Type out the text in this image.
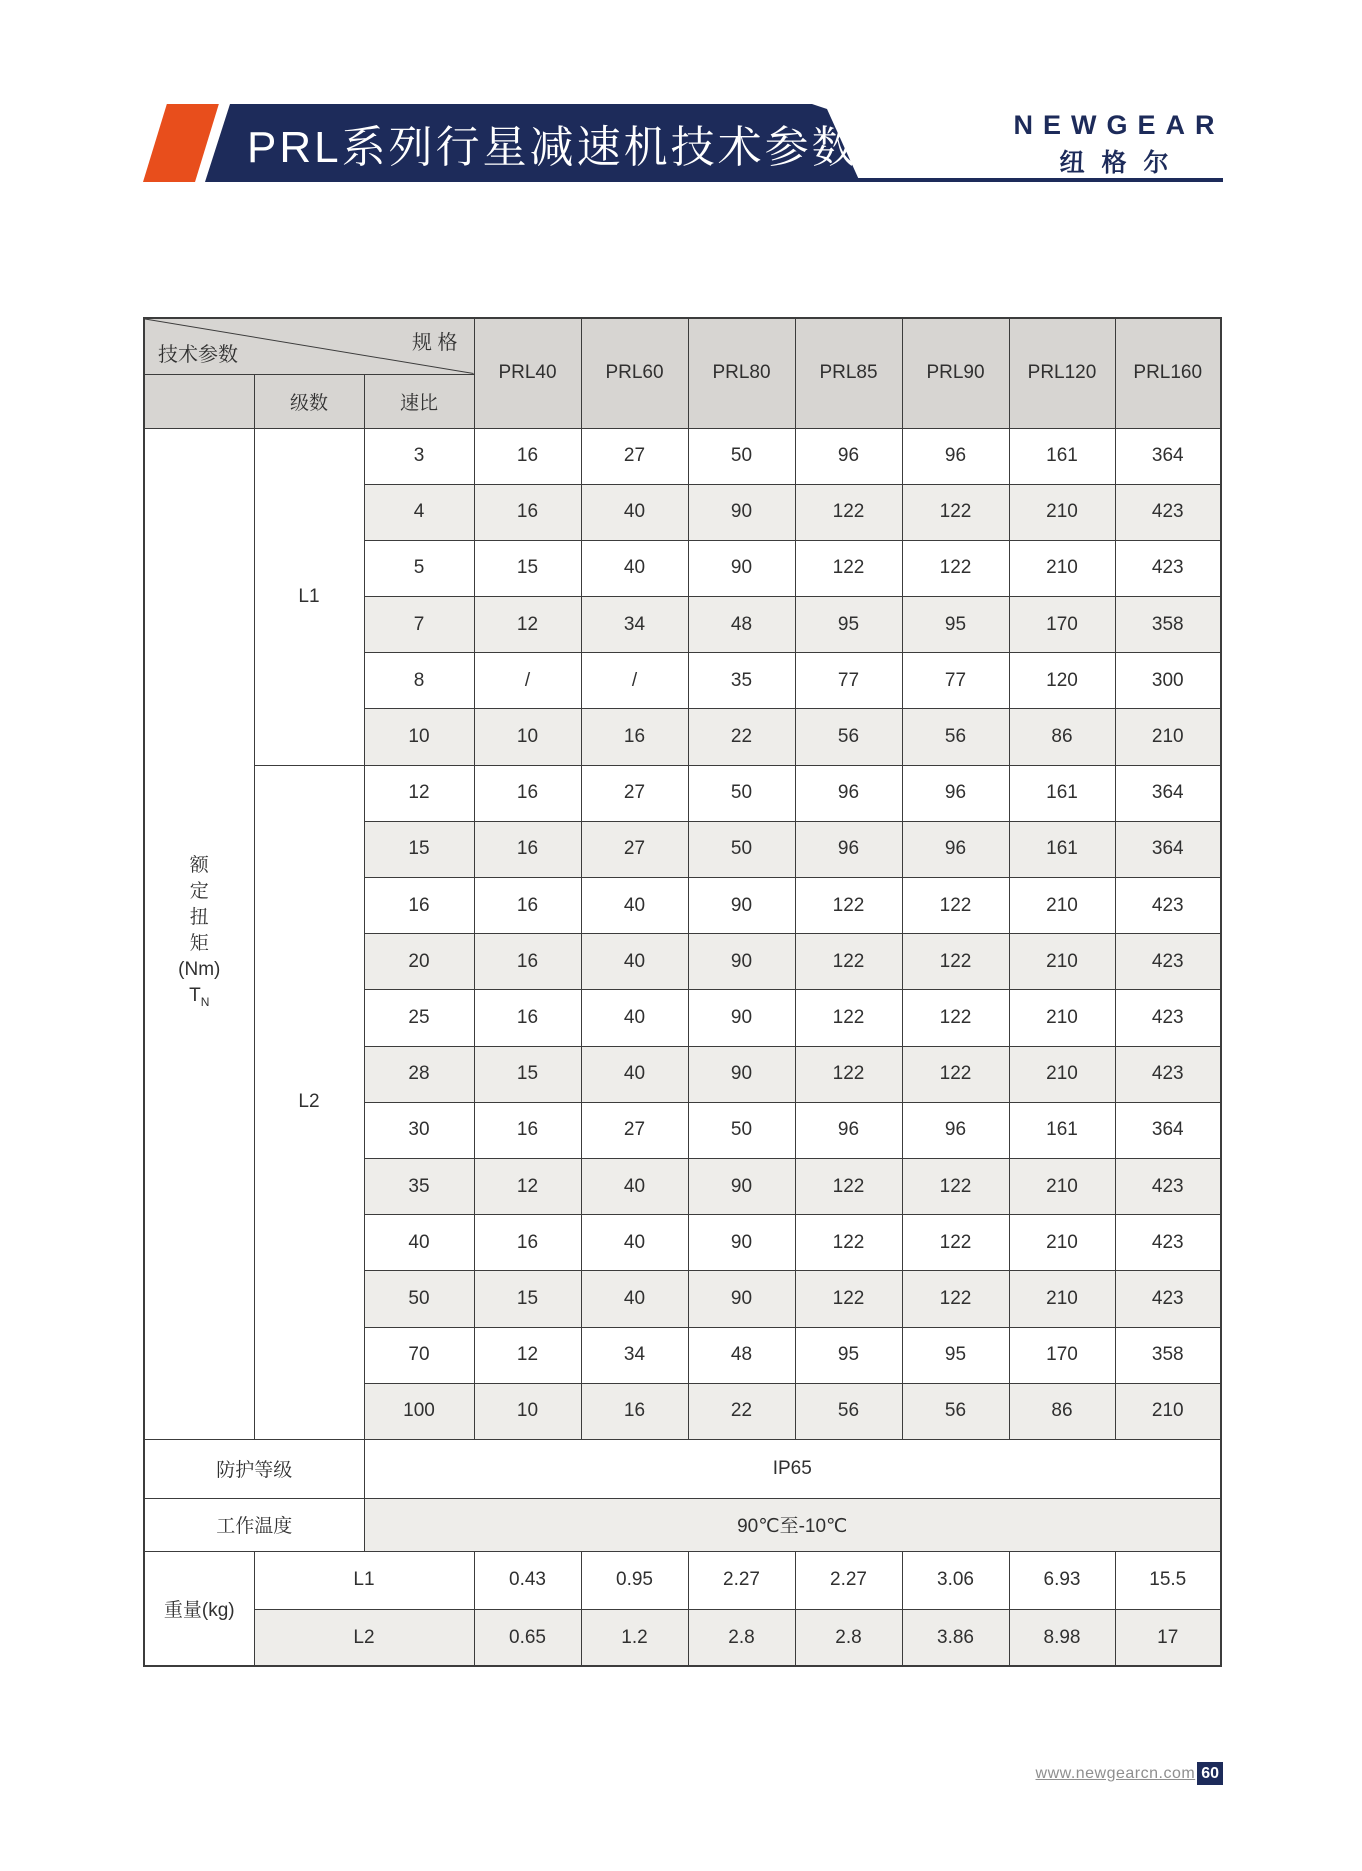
PRL系列行星减速机技术参数	NEWGEAR
纽格尔
规 格
技术参数			PRL40	PRL60	PRL80	PRL85	PRL90	PRL120	PRL160
	级数	速比							

额
定
扭
矩
(Nm)
$T_N$
	L1	3	16	27	50	96	96	161	364
		4	16	40	90	122	122	210	423
		5	15	40	90	122	122	210	423
		7	12	34	48	95	95	170	358
		8	/	/	35	77	77	120	300
		10	10	16	22	56	56	86	210
	L2	12	16	27	50	96	96	161	364
		15	16	27	50	96	96	161	364
		16	16	40	90	122	122	210	423
		20	16	40	90	122	122	210	423
		25	16	40	90	122	122	210	423
		28	15	40	90	122	122	210	423
		30	16	27	50	96	96	161	364
		35	12	40	90	122	122	210	423
		40	16	40	90	122	122	210	423
		50	15	40	90	122	122	210	423
		70	12	34	48	95	95	170	358
		100	10	16	22	56	56	86	210
防护等级		IP65							
工作温度		90℃至-10℃							
重量(kg)	L1		0.43	0.95	2.27	2.27	3.06	6.93	15.5
	L2		0.65	1.2	2.8	2.8	3.86	8.98	17
www.newgearcn.com 60
